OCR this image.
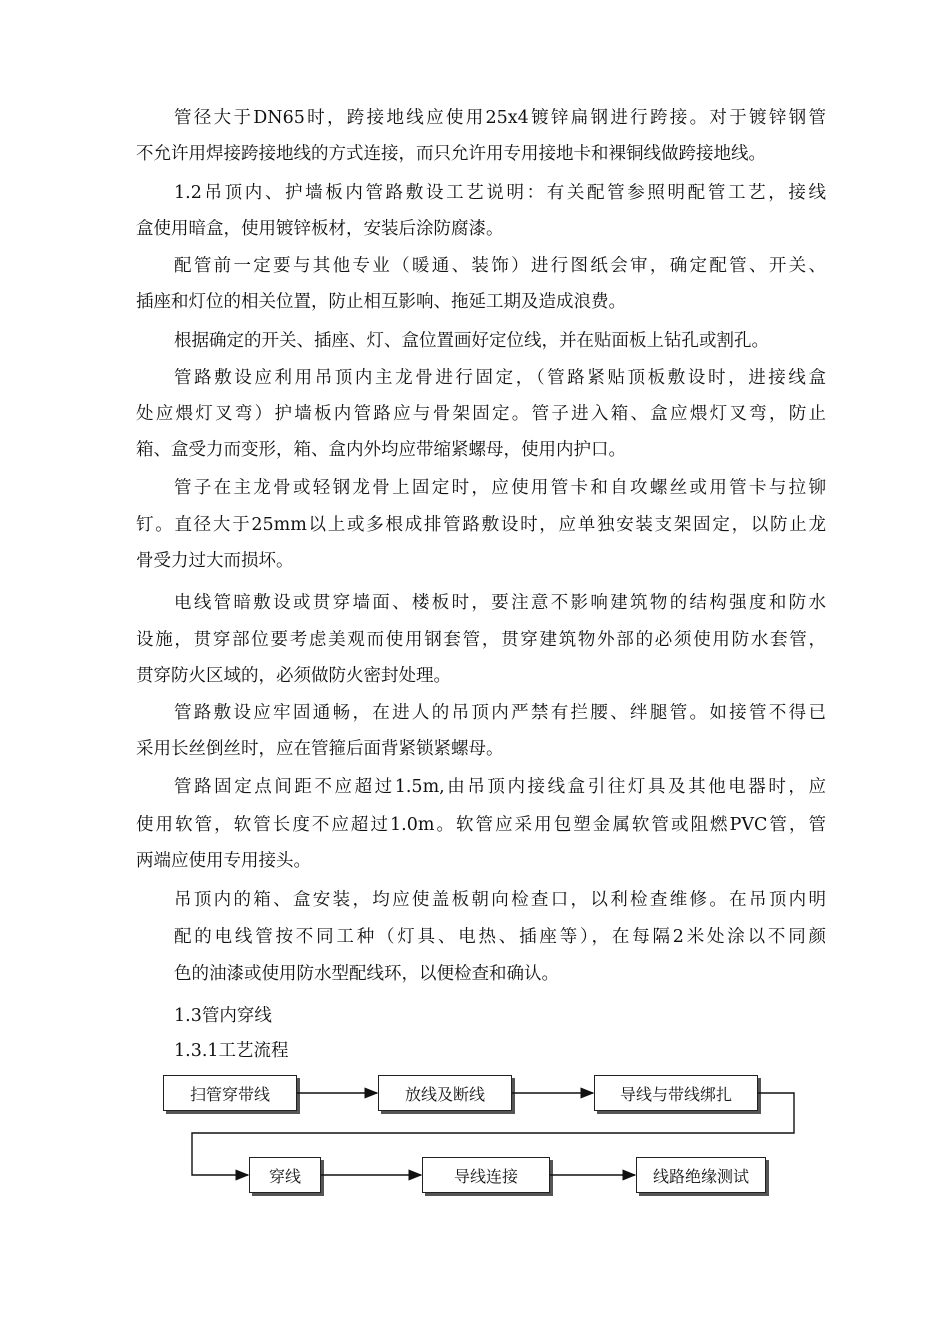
管径大于DN65时，跨接地线应使用25x4镀锌扁钢进行跨接。对于镀锌钢管
不允许用焊接跨接地线的方式连接，而只允许用专用接地卡和裸铜线做跨接地线。
1.2吊顶内、护墙板内管路敷设工艺说明：有关配管参照明配管工艺，接线
盒使用暗盒，使用镀锌板材，安装后涂防腐漆。
配管前一定要与其他专业（暖通、装饰）进行图纸会审，确定配管、开关、
插座和灯位的相关位置，防止相互影响、拖延工期及造成浪费。
根据确定的开关、插座、灯、盒位置画好定位线，并在贴面板上钻孔或割孔。
管路敷设应利用吊顶内主龙骨进行固定，（管路紧贴顶板敷设时，进接线盒
处应煨灯叉弯）护墙板内管路应与骨架固定。管子进入箱、盒应煨灯叉弯，防止
箱、盒受力而变形，箱、盒内外均应带缩紧螺母，使用内护口。
管子在主龙骨或轻钢龙骨上固定时，应使用管卡和自攻螺丝或用管卡与拉铆
钉。直径大于25mm以上或多根成排管路敷设时，应单独安装支架固定，以防止龙
骨受力过大而损坏。
电线管暗敷设或贯穿墙面、楼板时，要注意不影响建筑物的结构强度和防水
设施，贯穿部位要考虑美观而使用钢套管，贯穿建筑物外部的必须使用防水套管，
贯穿防火区域的，必须做防火密封处理。
管路敷设应牢固通畅，在进人的吊顶内严禁有拦腰、绊腿管。如接管不得已
采用长丝倒丝时，应在管箍后面背紧锁紧螺母。
管路固定点间距不应超过1.5m,由吊顶内接线盒引往灯具及其他电器时，应
使用软管，软管长度不应超过1.0m。软管应采用包塑金属软管或阻燃PVC管，管
两端应使用专用接头。
吊顶内的箱、盒安装，均应使盖板朝向检查口，以利检查维修。在吊顶内明
配的电线管按不同工种（灯具、电热、插座等），在每隔2米处涂以不同颜
色的油漆或使用防水型配线环，以便检查和确认。
1.3管内穿线
1.3.1工艺流程
扫管穿带线	放线及断线	导线与带线绑扎
穿线	导线连接	线路绝缘测试
